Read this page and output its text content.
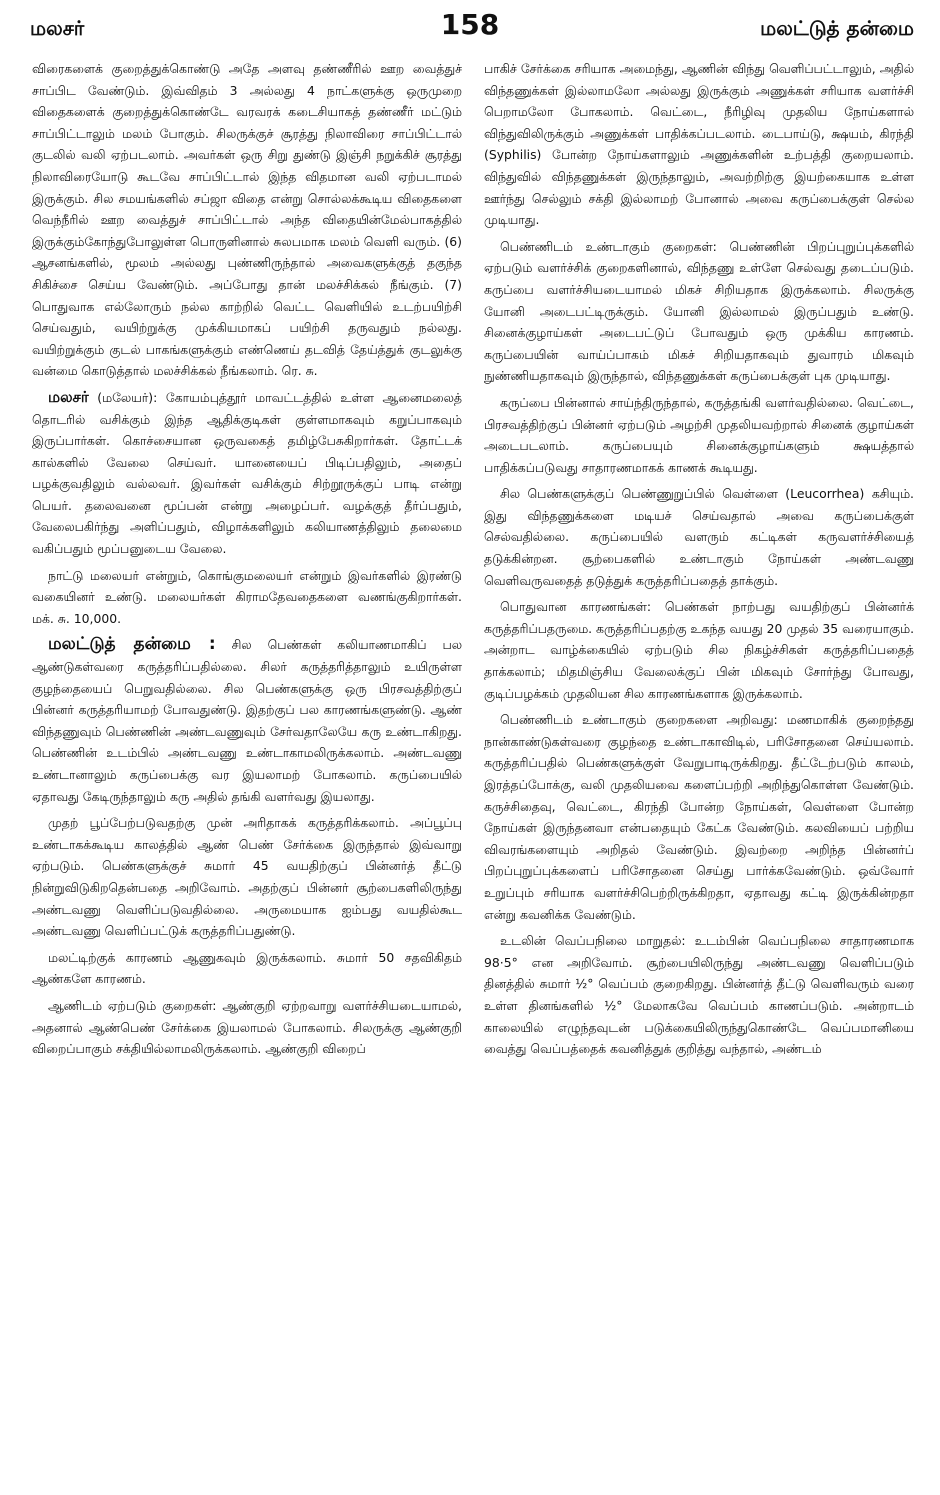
மலசர்	158	மலட்டுத் தன்மை

விரைகளைக் குறைத்துக்கொண்டு அதே அளவு தண்ணீரில் ஊற வைத்துச் சாப்பிட வேண்டும். இவ்விதம் 3 அல்லது 4 நாட்களுக்கு ஒருமுறை விதைகளைக் குறைத்துக்கொண்டே வரவரக் கடைசியாகத் தண்ணீர் மட்டும் சாப்பிட்டாலும் மலம் போகும். சிலருக்குச் சூரத்து நிலாவிரை சாப்பிட்டால் குடலில் வலி ஏற்படலாம். அவர்கள் ஒரு சிறு துண்டு இஞ்சி நறுக்கிச் சூரத்து நிலாவிரையோடு கூடவே சாப்பிட்டால் இந்த விதமான வலி ஏற்படாமல் இருக்கும். சில சமயங்களில் சப்ஜா விதை என்று சொல்லக்கூடிய விதைகளை வெந்நீரில் ஊற வைத்துச் சாப்பிட்டால் அந்த விதையின்மேல்பாகத்தில் இருக்கும்கோந்துபோலுள்ள பொருளினால் சுலபமாக மலம் வெளி வரும். (6) ஆசனங்களில், மூலம் அல்லது புண்ணிருந்தால் அவைகளுக்குத் தகுந்த சிகிச்சை செய்ய வேண்டும். அப்போது தான் மலச்சிக்கல் நீங்கும். (7) பொதுவாக எல்லோரும் நல்ல காற்றில் வெட்ட வெளியில் உடற்பயிற்சி செய்வதும், வயிற்றுக்கு முக்கியமாகப் பயிற்சி தருவதும் நல்லது. வயிற்றுக்கும் குடல் பாகங்களுக்கும் எண்ணெய் தடவித் தேய்த்துக் குடலுக்கு வன்மை கொடுத்தால் மலச்சிக்கல் நீங்கலாம். ரெ. சு.

மலசர் (மலேயர்): கோயம்புத்தூர் மாவட்டத்தில் உள்ள ஆனைமலைத் தொடரில் வசிக்கும் இந்த ஆதிக்குடிகள் குள்ளமாகவும் கறுப்பாகவும் இருப்பார்கள். கொச்சையான ஒருவகைத் தமிழ்பேசுகிறார்கள். தோட்டக் கால்களில் வேலை செய்வர். யானையைப் பிடிப்பதிலும், அதைப் பழக்குவதிலும் வல்லவர். இவர்கள் வசிக்கும் சிற்றூருக்குப் பாடி என்று பெயர். தலைவனை மூப்பன் என்று அழைப்பர். வழக்குத் தீர்ப்பதும், வேலைபகிர்ந்து அளிப்பதும், விழாக்களிலும் கலியாணத்திலும் தலைமை வகிப்பதும் மூப்பனுடைய வேலை.

நாட்டு மலையர் என்றும், கொங்குமலையர் என்றும் இவர்களில் இரண்டு வகையினர் உண்டு. மலையர்கள் கிராமதேவதைகளை வணங்குகிறார்கள். மக். சு. 10,000.

மலட்டுத் தன்மை : சில பெண்கள் கலியாணமாகிப் பல ஆண்டுகள்வரை கருத்தரிப்பதில்லை. சிலர் கருத்தரித்தாலும் உயிருள்ள குழந்தையைப் பெறுவதில்லை. சில பெண்களுக்கு ஒரு பிரசவத்திற்குப் பின்னர் கருத்தரியாமற் போவதுண்டு. இதற்குப் பல காரணங்களுண்டு. ஆண் விந்தணுவும் பெண்ணின் அண்டவணுவும் சேர்வதாலேயே கரு உண்டாகிறது. பெண்ணின் உடம்பில் அண்டவணு உண்டாகாமலிருக்கலாம். அண்டவணு உண்டானாலும் கருப்பைக்கு வர இயலாமற் போகலாம். கருப்பையில் ஏதாவது கேடிருந்தாலும் கரு அதில் தங்கி வளர்வது இயலாது.

முதற் பூப்பேற்படுவதற்கு முன் அரிதாகக் கருத்தரிக்கலாம். அப்பூப்பு உண்டாகக்கூடிய காலத்தில் ஆண் பெண் சேர்க்கை இருந்தால் இவ்வாறு ஏற்படும். பெண்களுக்குச் சுமார் 45 வயதிற்குப் பின்னர்த் தீட்டு நின்றுவிடுகிறதென்பதை அறிவோம். அதற்குப் பின்னர் சூற்பைகளிலிருந்து அண்டவணு வெளிப்படுவதில்லை. அருமையாக ஐம்பது வயதில்கூட அண்டவணு வெளிப்பட்டுக் கருத்தரிப்பதுண்டு.

மலட்டிற்குக் காரணம் ஆணுகவும் இருக்கலாம். சுமார் 50 சதவிகிதம் ஆண்களே காரணம்.

ஆணிடம் ஏற்படும் குறைகள்: ஆண்குறி ஏற்றவாறு வளர்ச்சியடையாமல், அதனால் ஆண்பெண் சேர்க்கை இயலாமல் போகலாம். சிலருக்கு ஆண்குறி விறைப்பாகும் சக்தியில்லாமலிருக்கலாம். ஆண்குறி விறைப்

பாகிச் சேர்க்கை சரியாக அமைந்து, ஆணின் விந்து வெளிப்பட்டாலும், அதில் விந்தணுக்கள் இல்லாமலோ அல்லது இருக்கும் அணுக்கள் சரியாக வளர்ச்சி பெறாமலோ போகலாம். வெட்டை, நீரிழிவு முதலிய நோய்களால் விந்துவிலிருக்கும் அணுக்கள் பாதிக்கப்படலாம். டைபாய்டு, க்ஷயம், கிரந்தி (Syphilis) போன்ற நோய்களாலும் அணுக்களின் உற்பத்தி குறையலாம். விந்துவில் விந்தணுக்கள் இருந்தாலும், அவற்றிற்கு இயற்கையாக உள்ள ஊர்ந்து செல்லும் சக்தி இல்லாமற் போனால் அவை கருப்பைக்குள் செல்ல முடியாது.

பெண்ணிடம் உண்டாகும் குறைகள்: பெண்ணின் பிறப்புறுப்புக்களில் ஏற்படும் வளர்ச்சிக் குறைகளினால், விந்தணு உள்ளே செல்வது தடைப்படும். கருப்பை வளர்ச்சியடையாமல் மிகச் சிறியதாக இருக்கலாம். சிலருக்கு யோனி அடைபட்டிருக்கும். யோனி இல்லாமல் இருப்பதும் உண்டு. சினைக்குழாய்கள் அடைபட்டுப் போவதும் ஒரு முக்கிய காரணம். கருப்பையின் வாய்ப்பாகம் மிகச் சிறியதாகவும் துவாரம் மிகவும் நுண்ணியதாகவும் இருந்தால், விந்தணுக்கள் கருப்பைக்குள் புக முடியாது.

கருப்பை பின்னால் சாய்ந்திருந்தால், கருத்தங்கி வளர்வதில்லை. வெட்டை, பிரசவத்திற்குப் பின்னர் ஏற்படும் அழற்சி முதலியவற்றால் சினைக் குழாய்கள் அடைபடலாம். கருப்பையும் சினைக்குழாய்களும் க்ஷயத்தால் பாதிக்கப்படுவது சாதாரணமாகக் காணக் கூடியது.

சில பெண்களுக்குப் பெண்ணுறுப்பில் வெள்ளை (Leucorrhea) கசியும். இது விந்தணுக்களை மடியச் செய்வதால் அவை கருப்பைக்குள் செல்வதில்லை. கருப்பையில் வளரும் கட்டிகள் கருவளர்ச்சியைத் தடுக்கின்றன. சூற்பைகளில் உண்டாகும் நோய்கள் அண்டவணு வெளிவருவதைத் தடுத்துக் கருத்தரிப்பதைத் தாக்கும்.

பொதுவான காரணங்கள்: பெண்கள் நாற்பது வயதிற்குப் பின்னர்க் கருத்தரிப்பதருமை. கருத்தரிப்பதற்கு உகந்த வயது 20 முதல் 35 வரையாகும். அன்றாட வாழ்க்கையில் ஏற்படும் சில நிகழ்ச்சிகள் கருத்தரிப்பதைத் தாக்கலாம்; மிதமிஞ்சிய வேலைக்குப் பின் மிகவும் சோர்ந்து போவது, குடிப்பழக்கம் முதலியன சில காரணங்களாக இருக்கலாம்.

பெண்ணிடம் உண்டாகும் குறைகளை அறிவது: மணமாகிக் குறைந்தது நான்காண்டுகள்வரை குழந்தை உண்டாகாவிடில், பரிசோதனை செய்யலாம். கருத்தரிப்பதில் பெண்களுக்குள் வேறுபாடிருக்கிறது. தீட்டேற்படும் காலம், இரத்தப்போக்கு, வலி முதலியவை களைப்பற்றி அறிந்துகொள்ள வேண்டும். கருச்சிதைவு, வெட்டை, கிரந்தி போன்ற நோய்கள், வெள்ளை போன்ற நோய்கள் இருந்தனவா என்பதையும் கேட்க வேண்டும். கலவியைப் பற்றிய விவரங்களையும் அறிதல் வேண்டும். இவற்றை அறிந்த பின்னர்ப் பிறப்புறுப்புக்களைப் பரிசோதனை செய்து பார்க்கவேண்டும். ஒவ்வோர் உறுப்பும் சரியாக வளர்ச்சிபெற்றிருக்கிறதா, ஏதாவது கட்டி இருக்கின்றதா என்று கவனிக்க வேண்டும்.

உடலின் வெப்பநிலை மாறுதல்: உடம்பின் வெப்பநிலை சாதாரணமாக 98·5° என அறிவோம். சூற்பையிலிருந்து அண்டவணு வெளிப்படும் தினத்தில் சுமார் ½° வெப்பம் குறைகிறது. பின்னர்த் தீட்டு வெளிவரும் வரை உள்ள தினங்களில் ½° மேலாகவே வெப்பம் காணப்படும். அன்றாடம் காலையில் எழுந்தவுடன் படுக்கையிலிருந்துகொண்டே வெப்பமானியை வைத்து வெப்பத்தைக் கவனித்துக் குறித்து வந்தால், அண்டம்
